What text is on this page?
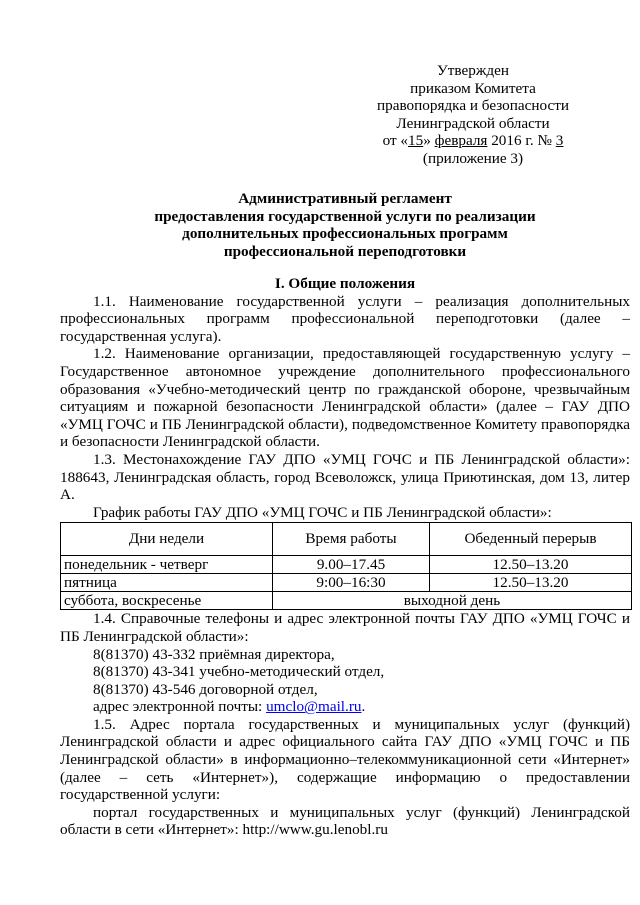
Утвержден
приказом Комитета
правопорядка и безопасности
Ленинградской области
от «15» февраля 2016 г. № 3
(приложение 3)
Административный регламент
предоставления государственной услуги по реализации
дополнительных профессиональных программ
профессиональной переподготовки
I. Общие положения

1.1. Наименование государственной услуги – реализация дополнительных профессиональных программ профессиональной переподготовки (далее – государственная услуга).

1.2. Наименование организации, предоставляющей государственную услугу – Государственное автономное учреждение дополнительного профессионального образования «Учебно-методический центр по гражданской обороне, чрезвычайным ситуациям и пожарной безопасности Ленинградской области» (далее – ГАУ ДПО «УМЦ ГОЧС и ПБ Ленинградской области), подведомственное Комитету правопорядка и безопасности Ленинградской области.

1.3. Местонахождение ГАУ ДПО «УМЦ ГОЧС и ПБ Ленинградской области»: 188643, Ленинградская область, город Всеволожск, улица Приютинская, дом 13, литер А.

График работы ГАУ ДПО «УМЦ ГОЧС и ПБ Ленинградской области»:

Дни недели	Время работы	Обеденный перерыв
понедельник - четверг	9.00–17.45	12.50–13.20
пятница	9:00–16:30	12.50–13.20
суббота, воскресенье	выходной день	

1.4. Справочные телефоны и адрес электронной почты ГАУ ДПО «УМЦ ГОЧС и ПБ Ленинградской области»:

8(81370) 43-332 приёмная директора,

8(81370) 43-341 учебно-методический отдел,

8(81370) 43-546 договорной отдел,

адрес электронной почты: umclo@mail.ru.

1.5. Адрес портала государственных и муниципальных услуг (функций) Ленинградской области и адрес официального сайта ГАУ ДПО «УМЦ ГОЧС и ПБ Ленинградской области» в информационно–телекоммуникационной сети «Интернет» (далее – сеть «Интернет»), содержащие информацию о предоставлении государственной услуги:

портал государственных и муниципальных услуг (функций) Ленинградской области в сети «Интернет»: http://www.gu.lenobl.ru
